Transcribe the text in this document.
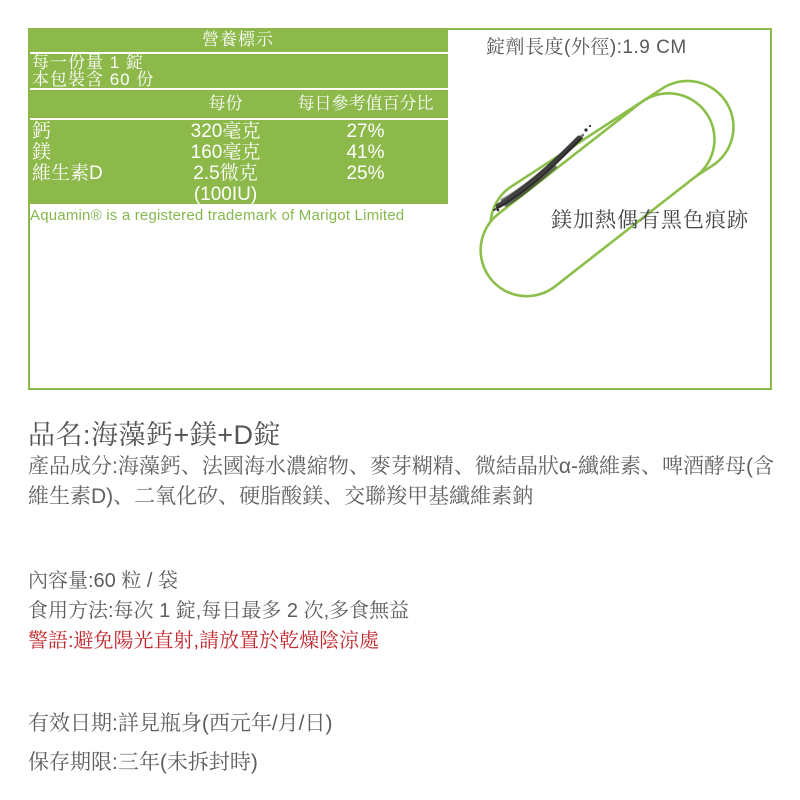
營養標示
每一份量 1 錠
本包裝含 60 份
每份	每日參考值百分比
鈣	320毫克	27%
鎂	160毫克	41%
維生素D	2.5微克	25%
(100IU)
Aquamin® is a registered trademark of Marigot Limited
錠劑長度(外徑):1.9 CM
鎂加熱偶有黑色痕跡
品名:海藻鈣+鎂+D錠
產品成分:海藻鈣、法國海水濃縮物、麥芽糊精、微結晶狀α-纖維素、啤酒酵母(含維生素D)、二氧化矽、硬脂酸鎂、交聯羧甲基纖維素鈉
內容量:60 粒 / 袋
食用方法:每次 1 錠,每日最多 2 次,多食無益
警語:避免陽光直射,請放置於乾燥陰涼處
有效日期:詳見瓶身(西元年/月/日)
保存期限:三年(未拆封時)
